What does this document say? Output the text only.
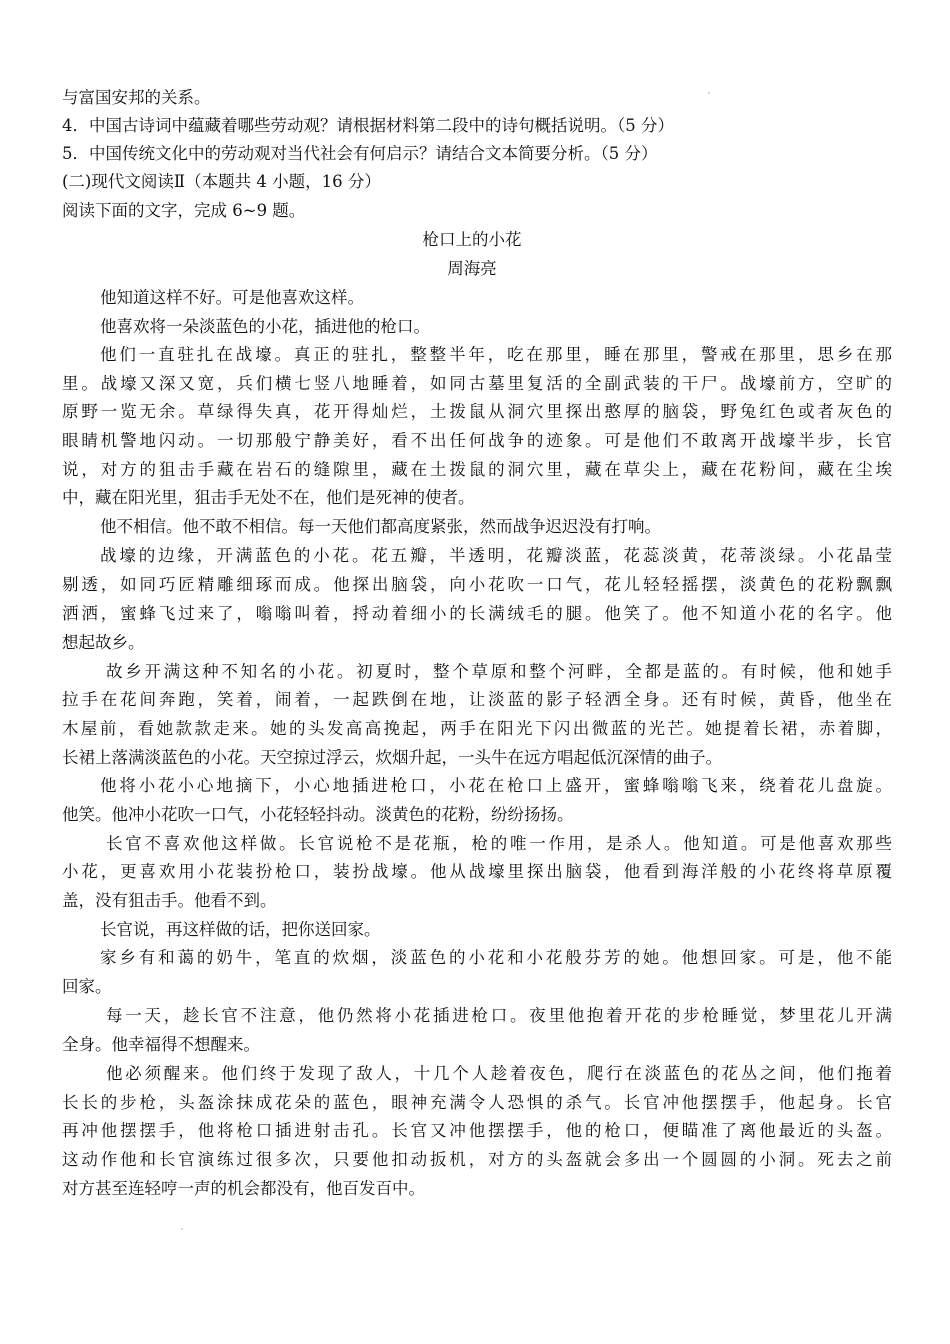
与富国安邦的关系。
4．中国古诗词中蕴藏着哪些劳动观？请根据材料第二段中的诗句概括说明。（5 分）
5．中国传统文化中的劳动观对当代社会有何启示？请结合文本简要分析。（5 分）
(二)现代文阅读Ⅱ（本题共 4 小题，16 分）
阅读下面的文字，完成 6~9 题。
枪口上的小花
周海亮
他知道这样不好。可是他喜欢这样。
他喜欢将一朵淡蓝色的小花，插进他的枪口。
他们一直驻扎在战壕。真正的驻扎，整整半年，吃在那里，睡在那里，警戒在那里，思乡在那
里。战壕又深又宽，兵们横七竖八地睡着，如同古墓里复活的全副武装的干尸。战壕前方，空旷的
原野一览无余。草绿得失真，花开得灿烂，土拨鼠从洞穴里探出憨厚的脑袋，野兔红色或者灰色的
眼睛机警地闪动。一切那般宁静美好，看不出任何战争的迹象。可是他们不敢离开战壕半步，长官
说，对方的狙击手藏在岩石的缝隙里，藏在土拨鼠的洞穴里，藏在草尖上，藏在花粉间，藏在尘埃
中，藏在阳光里，狙击手无处不在，他们是死神的使者。
他不相信。他不敢不相信。每一天他们都高度紧张，然而战争迟迟没有打响。
战壕的边缘，开满蓝色的小花。花五瓣，半透明，花瓣淡蓝，花蕊淡黄，花蒂淡绿。小花晶莹
剔透，如同巧匠精雕细琢而成。他探出脑袋，向小花吹一口气，花儿轻轻摇摆，淡黄色的花粉飘飘
洒洒，蜜蜂飞过来了，嗡嗡叫着，捋动着细小的长满绒毛的腿。他笑了。他不知道小花的名字。他
想起故乡。
故乡开满这种不知名的小花。初夏时，整个草原和整个河畔，全都是蓝的。有时候，他和她手
拉手在花间奔跑，笑着，闹着，一起跌倒在地，让淡蓝的影子轻洒全身。还有时候，黄昏，他坐在
木屋前，看她款款走来。她的头发高高挽起，两手在阳光下闪出微蓝的光芒。她提着长裙，赤着脚，
长裙上落满淡蓝色的小花。天空掠过浮云，炊烟升起，一头牛在远方唱起低沉深情的曲子。
他将小花小心地摘下，小心地插进枪口，小花在枪口上盛开，蜜蜂嗡嗡飞来，绕着花儿盘旋。
他笑。他冲小花吹一口气，小花轻轻抖动。淡黄色的花粉，纷纷扬扬。
长官不喜欢他这样做。长官说枪不是花瓶，枪的唯一作用，是杀人。他知道。可是他喜欢那些
小花，更喜欢用小花装扮枪口，装扮战壕。他从战壕里探出脑袋，他看到海洋般的小花终将草原覆
盖，没有狙击手。他看不到。
长官说，再这样做的话，把你送回家。
家乡有和蔼的奶牛，笔直的炊烟，淡蓝色的小花和小花般芬芳的她。他想回家。可是，他不能
回家。
每一天，趁长官不注意，他仍然将小花插进枪口。夜里他抱着开花的步枪睡觉，梦里花儿开满
全身。他幸福得不想醒来。
他必须醒来。他们终于发现了敌人，十几个人趁着夜色，爬行在淡蓝色的花丛之间，他们拖着
长长的步枪，头盔涂抹成花朵的蓝色，眼神充满令人恐惧的杀气。长官冲他摆摆手，他起身。长官
再冲他摆摆手，他将枪口插进射击孔。长官又冲他摆摆手，他的枪口，便瞄准了离他最近的头盔。
这动作他和长官演练过很多次，只要他扣动扳机，对方的头盔就会多出一个圆圆的小洞。死去之前
对方甚至连轻哼一声的机会都没有，他百发百中。
